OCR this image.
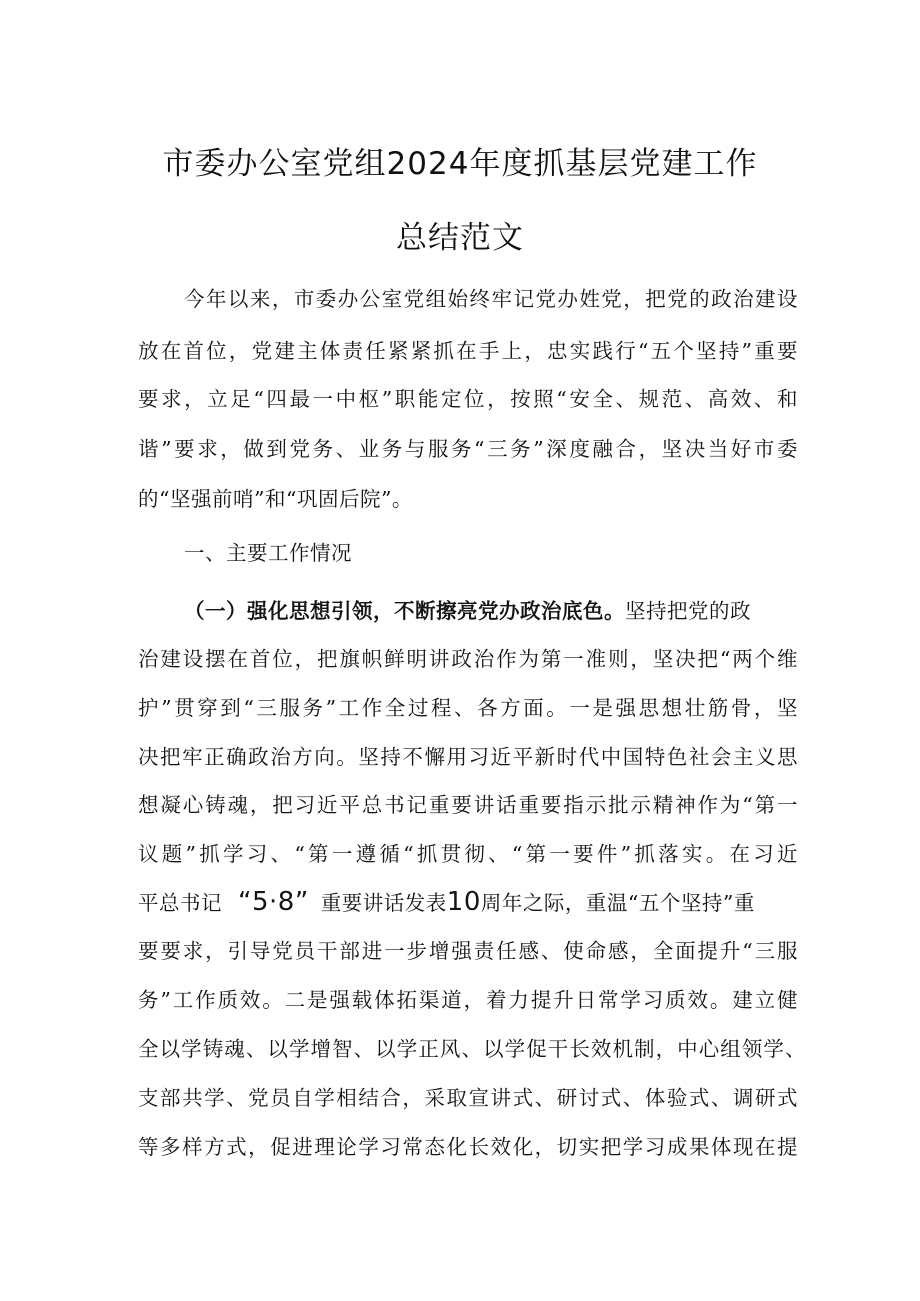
市委办公室党组2024年度抓基层党建工作
总结范文
今年以来，市委办公室党组始终牢记党办姓党，把党的政治建设
放在首位，党建主体责任紧紧抓在手上，忠实践行“五个坚持”重要
要求，立足“四最一中枢”职能定位，按照“安全、规范、高效、和
谐”要求，做到党务、业务与服务“三务”深度融合，坚决当好市委
的“坚强前哨”和“巩固后院”。
一、主要工作情况
（一）强化思想引领，不断擦亮党办政治底色。坚持把党的政
治建设摆在首位，把旗帜鲜明讲政治作为第一准则，坚决把“两个维
护”贯穿到“三服务”工作全过程、各方面。一是强思想壮筋骨，坚
决把牢正确政治方向。坚持不懈用习近平新时代中国特色社会主义思
想凝心铸魂，把习近平总书记重要讲话重要指示批示精神作为“第一
议题”抓学习、“第一遵循“抓贯彻、“第一要件”抓落实。在习近
平总书记 “5·8” 重要讲话发表10周年之际，重温“五个坚持”重
要要求，引导党员干部进一步增强责任感、使命感，全面提升“三服
务”工作质效。二是强载体拓渠道，着力提升日常学习质效。建立健
全以学铸魂、以学增智、以学正风、以学促干长效机制，中心组领学、
支部共学、党员自学相结合，采取宣讲式、研讨式、体验式、调研式
等多样方式，促进理论学习常态化长效化，切实把学习成果体现在提
